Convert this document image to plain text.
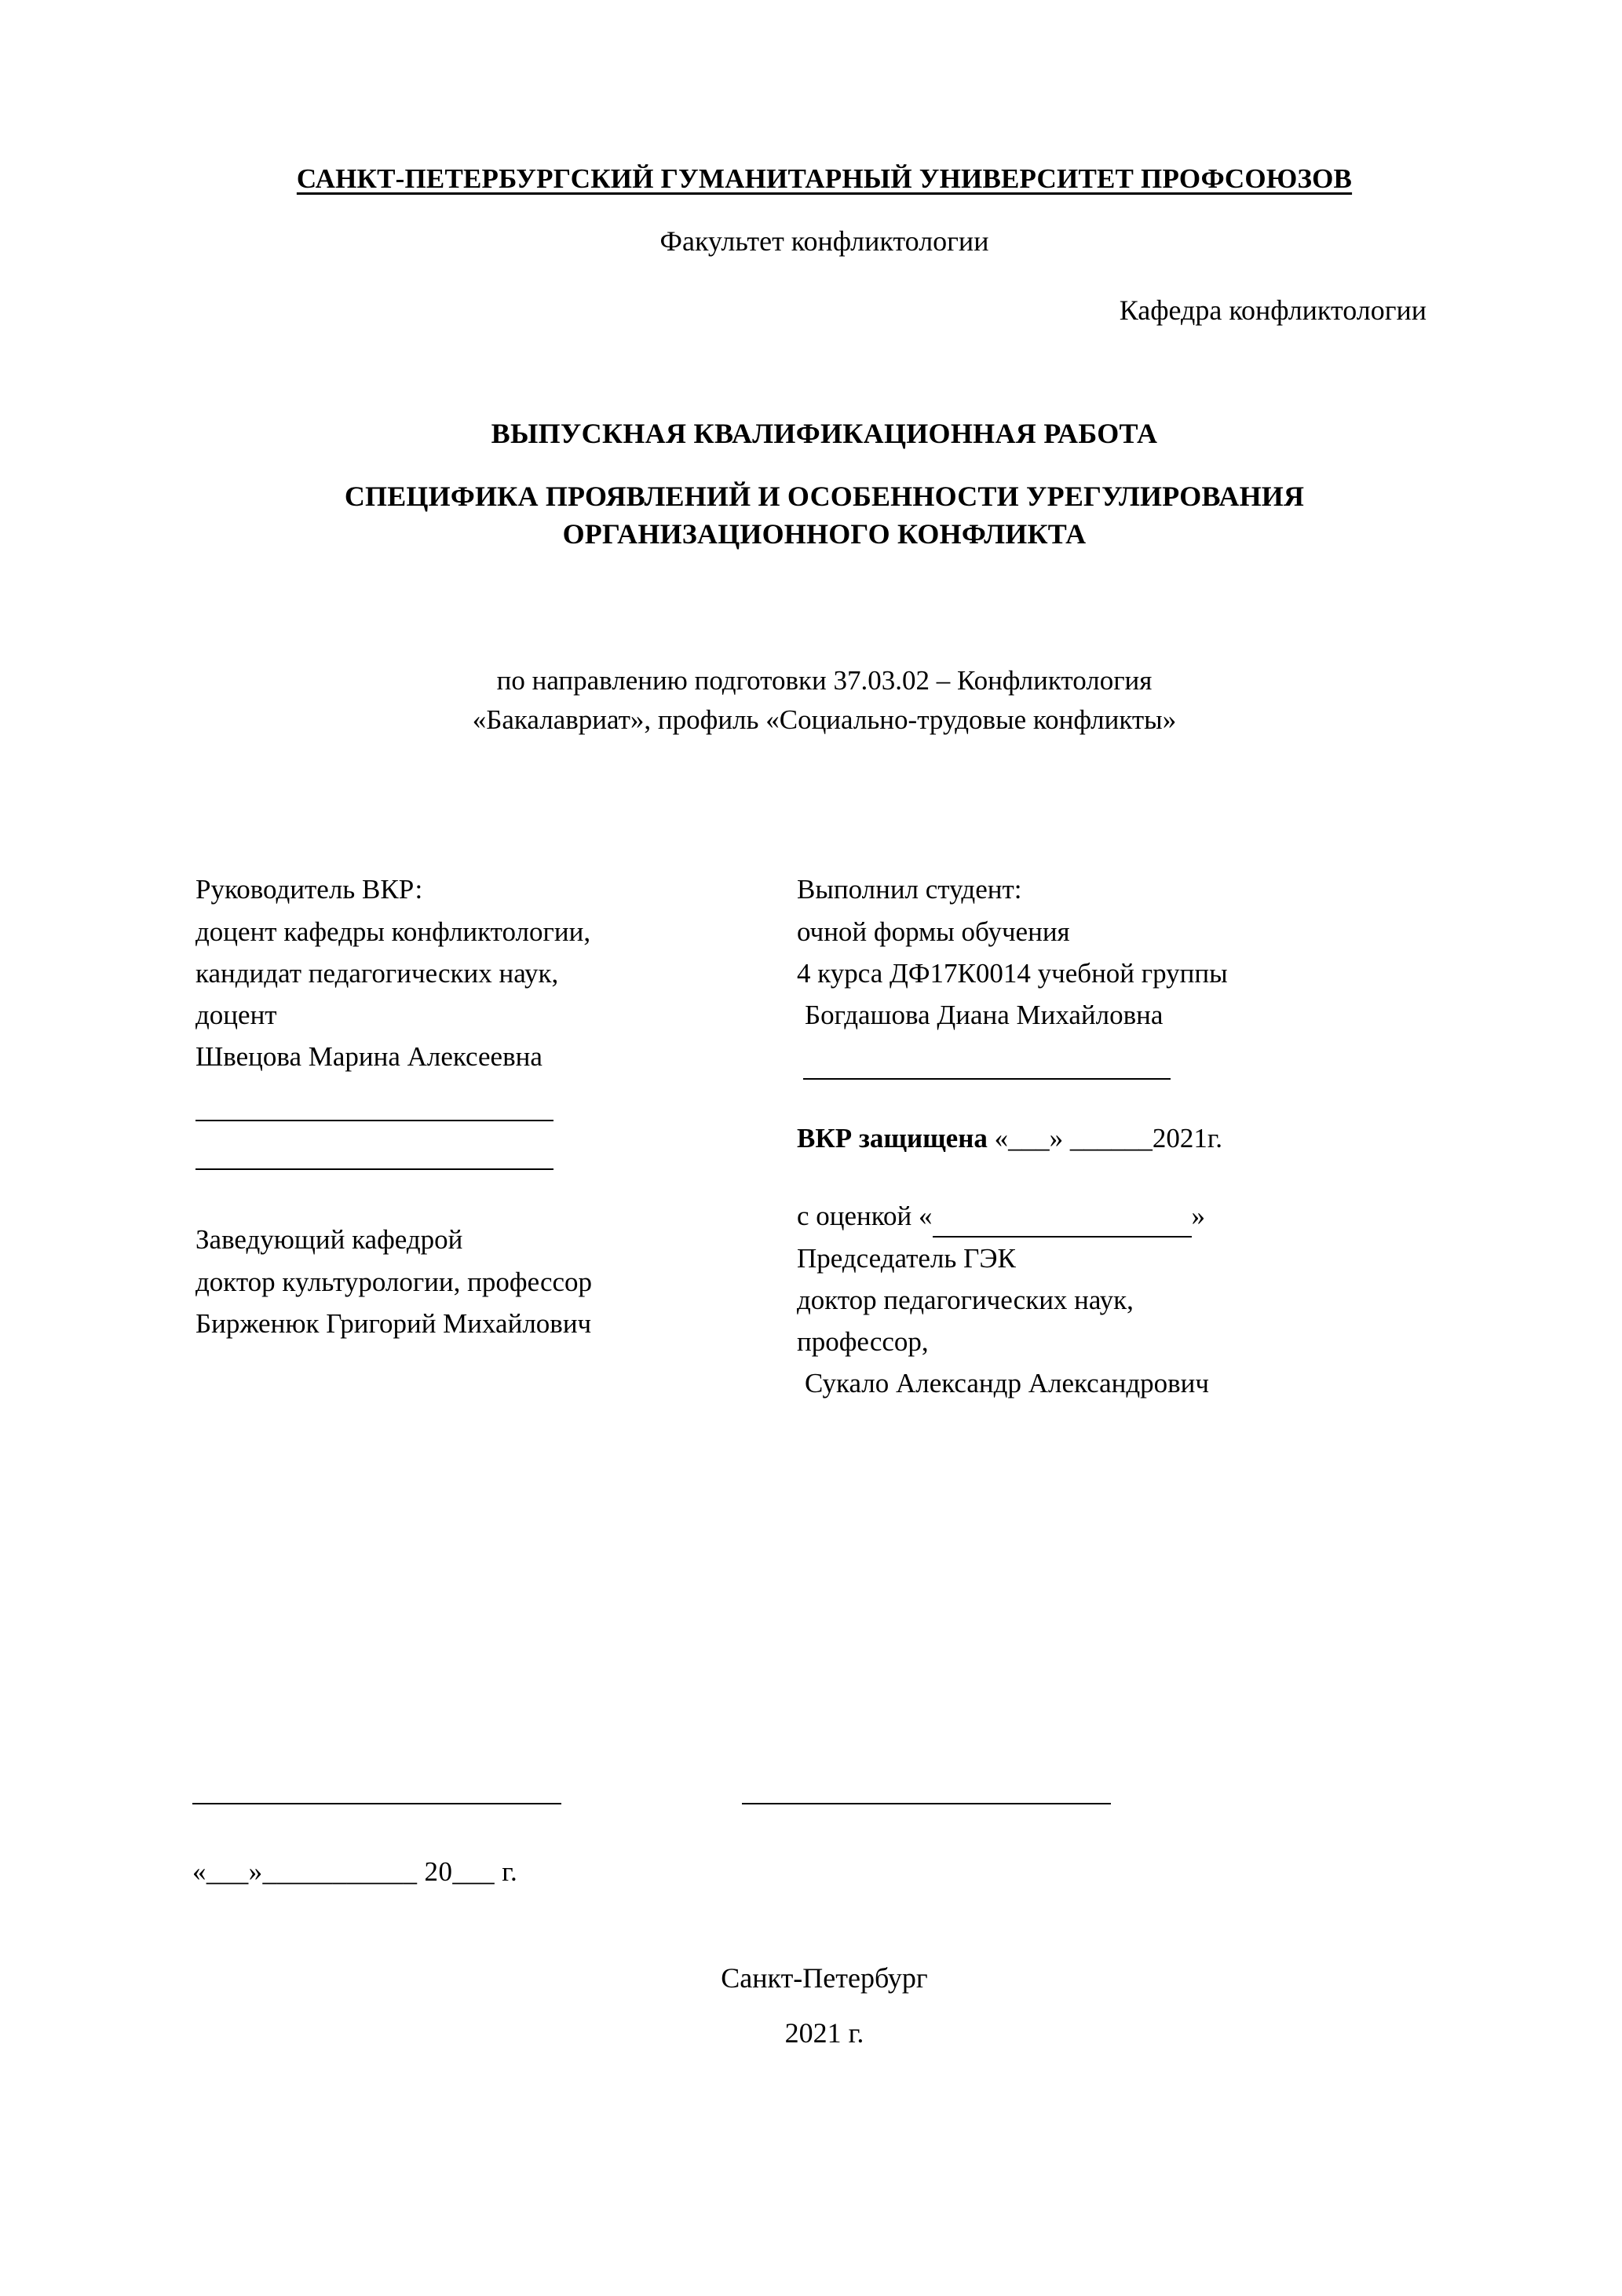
САНКТ-ПЕТЕРБУРГСКИЙ ГУМАНИТАРНЫЙ УНИВЕРСИТЕТ ПРОФСОЮЗОВ
Факультет конфликтологии
Кафедра конфликтологии
ВЫПУСКНАЯ КВАЛИФИКАЦИОННАЯ РАБОТА
СПЕЦИФИКА ПРОЯВЛЕНИЙ И ОСОБЕННОСТИ УРЕГУЛИРОВАНИЯ ОРГАНИЗАЦИОННОГО КОНФЛИКТА
по направлению подготовки 37.03.02 – Конфликтология
«Бакалавриат», профиль «Социально-трудовые конфликты»
Руководитель ВКР:
доцент кафедры конфликтологии,
кандидат педагогических наук,
доцент
Швецова Марина Алексеевна
Заведующий кафедрой
доктор культурологии, профессор
Бирженюк Григорий Михайлович
Выполнил студент:
очной формы обучения
4 курса ДФ17К0014 учебной группы
Богдашова Диана Михайловна
ВКР защищена «___» ______2021г.
с оценкой «	»
Председатель ГЭК
доктор педагогических наук,
профессор,
Сукало Александр Александрович
«___»___________ 20___ г.
Санкт-Петербург
2021 г.
